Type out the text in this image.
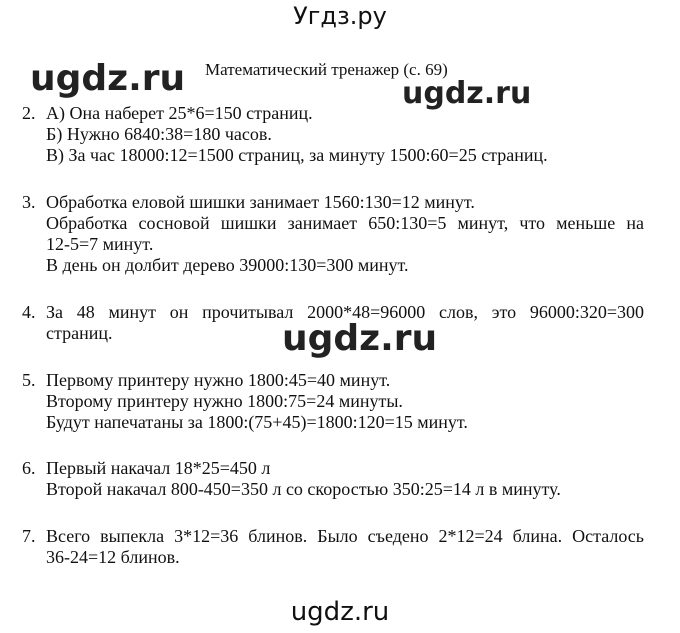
Угдз.ру
Математический тренажер (с. 69)
2. А) Она наберет 25*6=150 страниц.
Б) Нужно 6840:38=180 часов.
В) За час 18000:12=1500 страниц, за минуту 1500:60=25 страниц.
3. Обработка еловой шишки занимает 1560:130=12 минут.
Обработка сосновой шишки занимает 650:130=5 минут, что меньше на
12-5=7 минут.
В день он долбит дерево 39000:130=300 минут.
4. За 48 минут он прочитывал 2000*48=96000 слов, это 96000:320=300
страниц.
5. Первому принтеру нужно 1800:45=40 минут.
Второму принтеру нужно 1800:75=24 минуты.
Будут напечатаны за 1800:(75+45)=1800:120=15 минут.
6. Первый накачал 18*25=450 л
Второй накачал 800-450=350 л со скоростью 350:25=14 л в минуту.
7. Всего выпекла 3*12=36 блинов. Было съедено 2*12=24 блина. Осталось
36-24=12 блинов.
ugdz.ru	ugdz.ru
ugdz.ru
ugdz.ru
